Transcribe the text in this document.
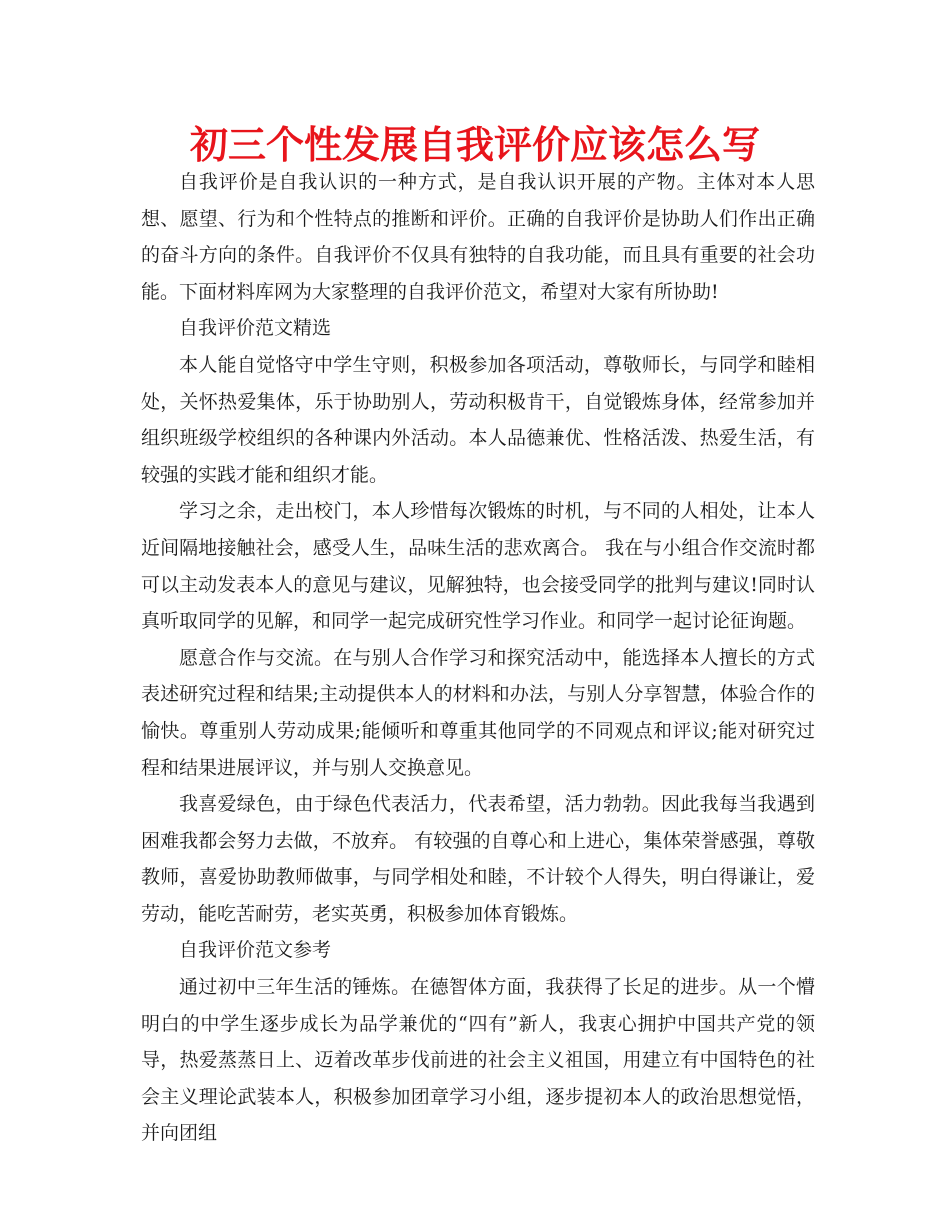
初三个性发展自我评价应该怎么写

自我评价是自我认识的一种方式，是自我认识开展的产物。主体对本人思想、愿望、行为和个性特点的推断和评价。正确的自我评价是协助人们作出正确的奋斗方向的条件。自我评价不仅具有独特的自我功能，而且具有重要的社会功能。下面材料库网为大家整理的自我评价范文，希望对大家有所协助!

自我评价范文精选

本人能自觉恪守中学生守则，积极参加各项活动，尊敬师长，与同学和睦相处，关怀热爱集体，乐于协助别人，劳动积极肯干，自觉锻炼身体，经常参加并组织班级学校组织的各种课内外活动。本人品德兼优、性格活泼、热爱生活，有较强的实践才能和组织才能。

学习之余，走出校门，本人珍惜每次锻炼的时机，与不同的人相处，让本人近间隔地接触社会，感受人生，品味生活的悲欢离合。 我在与小组合作交流时都可以主动发表本人的意见与建议，见解独特，也会接受同学的批判与建议!同时认真听取同学的见解，和同学一起完成研究性学习作业。和同学一起讨论征询题。

愿意合作与交流。在与别人合作学习和探究活动中，能选择本人擅长的方式表述研究过程和结果;主动提供本人的材料和办法，与别人分享智慧，体验合作的愉快。尊重别人劳动成果;能倾听和尊重其他同学的不同观点和评议;能对研究过程和结果进展评议，并与别人交换意见。

我喜爱绿色，由于绿色代表活力，代表希望，活力勃勃。因此我每当我遇到困难我都会努力去做，不放弃。 有较强的自尊心和上进心，集体荣誉感强，尊敬教师，喜爱协助教师做事，与同学相处和睦，不计较个人得失，明白得谦让，爱劳动，能吃苦耐劳，老实英勇，积极参加体育锻炼。

自我评价范文参考

通过初中三年生活的锤炼。在德智体方面，我获得了长足的进步。从一个懵明白的中学生逐步成长为品学兼优的“四有”新人，我衷心拥护中国共产党的领导，热爱蒸蒸日上、迈着改革步伐前进的社会主义祖国，用建立有中国特色的社会主义理论武装本人，积极参加团章学习小组，逐步提初本人的政治思想觉悟，并向团组
